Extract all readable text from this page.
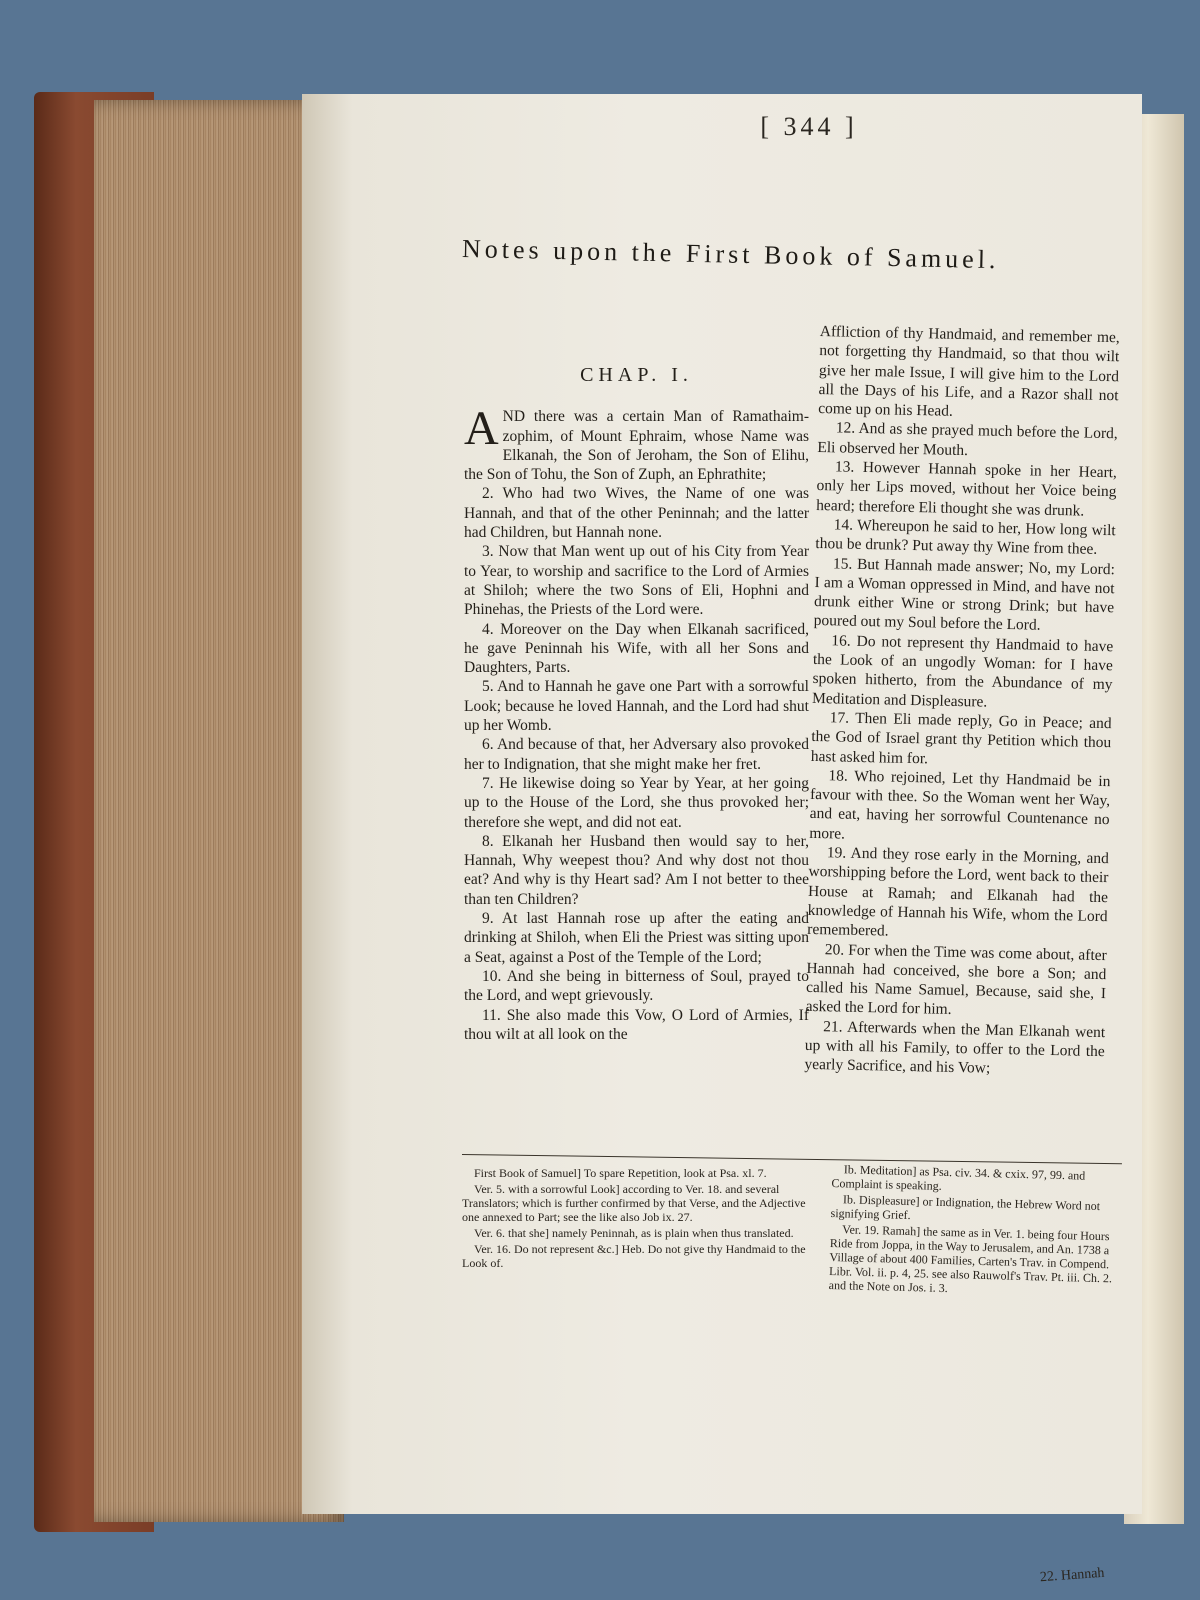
[ 344 ]
Notes upon the First Book of Samuel.
CHAP. I.

AND there was a certain Man of Ramathaim-zophim, of Mount Ephraim, whose Name was Elkanah, the Son of Jeroham, the Son of Elihu, the Son of Tohu, the Son of Zuph, an Ephrathite;

2. Who had two Wives, the Name of one was Hannah, and that of the other Peninnah; and the latter had Children, but Hannah none.

3. Now that Man went up out of his City from Year to Year, to worship and sacrifice to the Lord of Armies at Shiloh; where the two Sons of Eli, Hophni and Phinehas, the Priests of the Lord were.

4. Moreover on the Day when Elkanah sacrificed, he gave Peninnah his Wife, with all her Sons and Daughters, Parts.

5. And to Hannah he gave one Part with a sorrowful Look; because he loved Hannah, and the Lord had shut up her Womb.

6. And because of that, her Adversary also provoked her to Indignation, that she might make her fret.

7. He likewise doing so Year by Year, at her going up to the House of the Lord, she thus provoked her; therefore she wept, and did not eat.

8. Elkanah her Husband then would say to her, Hannah, Why weepest thou? And why dost not thou eat? And why is thy Heart sad? Am I not better to thee than ten Children?

9. At last Hannah rose up after the eating and drinking at Shiloh, when Eli the Priest was sitting upon a Seat, against a Post of the Temple of the Lord;

10. And she being in bitterness of Soul, prayed to the Lord, and wept grievously.

11. She also made this Vow, O Lord of Armies, If thou wilt at all look on the

Affliction of thy Handmaid, and remember me, not forgetting thy Handmaid, so that thou wilt give her male Issue, I will give him to the Lord all the Days of his Life, and a Razor shall not come up on his Head.

12. And as she prayed much before the Lord, Eli observed her Mouth.

13. However Hannah spoke in her Heart, only her Lips moved, without her Voice being heard; therefore Eli thought she was drunk.

14. Whereupon he said to her, How long wilt thou be drunk? Put away thy Wine from thee.

15. But Hannah made answer; No, my Lord: I am a Woman oppressed in Mind, and have not drunk either Wine or strong Drink; but have poured out my Soul before the Lord.

16. Do not represent thy Handmaid to have the Look of an ungodly Woman: for I have spoken hitherto, from the Abundance of my Meditation and Displeasure.

17. Then Eli made reply, Go in Peace; and the God of Israel grant thy Petition which thou hast asked him for.

18. Who rejoined, Let thy Handmaid be in favour with thee. So the Woman went her Way, and eat, having her sorrowful Countenance no more.

19. And they rose early in the Morning, and worshipping before the Lord, went back to their House at Ramah; and Elkanah had the knowledge of Hannah his Wife, whom the Lord remembered.

20. For when the Time was come about, after Hannah had conceived, she bore a Son; and called his Name Samuel, Because, said she, I asked the Lord for him.

21. Afterwards when the Man Elkanah went up with all his Family, to offer to the Lord the yearly Sacrifice, and his Vow;

First Book of Samuel] To spare Repetition, look at Psa. xl. 7.

Ver. 5. with a sorrowful Look] according to Ver. 18. and several Translators; which is further confirmed by that Verse, and the Adjective one annexed to Part; see the like also Job ix. 27.

Ver. 6. that she] namely Peninnah, as is plain when thus translated.

Ver. 16. Do not represent &c.] Heb. Do not give thy Handmaid to the Look of.

Ib. Meditation] as Psa. civ. 34. & cxix. 97, 99. and Complaint is speaking.

Ib. Displeasure] or Indignation, the Hebrew Word not signifying Grief.

Ver. 19. Ramah] the same as in Ver. 1. being four Hours Ride from Joppa, in the Way to Jerusalem, and An. 1738 a Village of about 400 Families, Carten's Trav. in Compend. Libr. Vol. ii. p. 4, 25. see also Rauwolf's Trav. Pt. iii. Ch. 2. and the Note on Jos. i. 3.

22. Hannah
